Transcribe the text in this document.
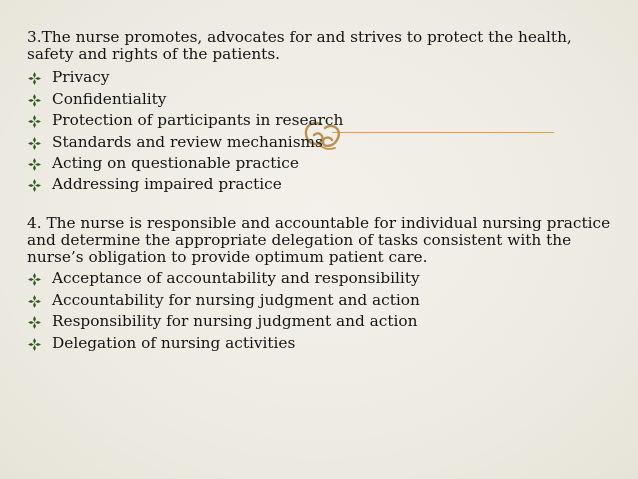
3.The nurse promotes, advocates for and strives to protect the health, safety and rights of the patients.

Privacy
Confidentiality
Protection of participants in research
Standards and review mechanisms
Acting on questionable practice
Addressing impaired practice

4. The nurse is responsible and accountable for individual nursing practice and determine the appropriate delegation of tasks consistent with the nurse’s obligation to provide optimum patient care.

Acceptance of accountability and responsibility
Accountability for nursing judgment and action
Responsibility for nursing judgment and action
Delegation of nursing activities
